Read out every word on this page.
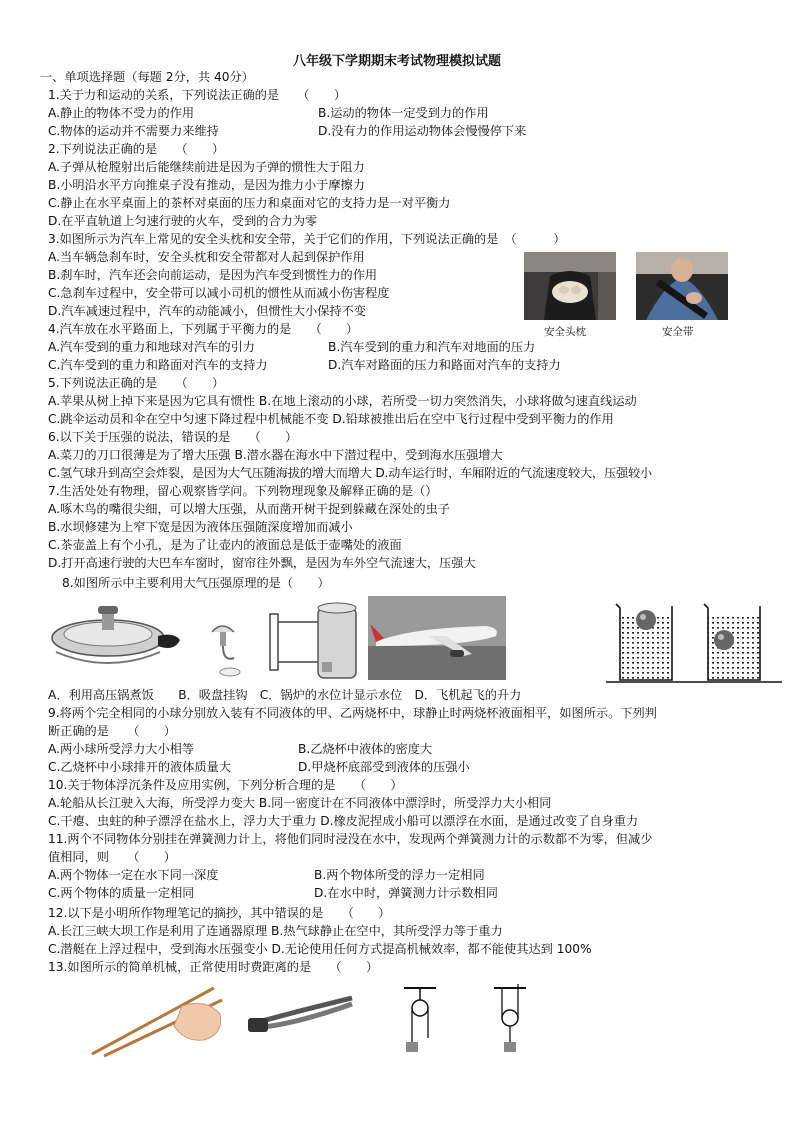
八年级下学期期末考试物理模拟试题
一、单项选择题（每题 2分，共 40分）
1.关于力和运动的关系，下列说法正确的是　　（　　）
A.静止的物体不受力的作用	B.运动的物体一定受到力的作用
C.物体的运动并不需要力来维持	D.没有力的作用运动物体会慢慢停下来
2.下列说法正确的是　　（　　）
A.子弹从枪膛射出后能继续前进是因为子弹的惯性大于阻力
B.小明沿水平方向推桌子没有推动，是因为推力小于摩擦力
C.静止在水平桌面上的茶杯对桌面的压力和桌面对它的支持力是一对平衡力
D.在平直轨道上匀速行驶的火车，受到的合力为零
3.如图所示为汽车上常见的安全头枕和安全带，关于它们的作用，下列说法正确的是　（　　　）
A.当车辆急刹车时，安全头枕和安全带都对人起到保护作用
B.刹车时，汽车还会向前运动，是因为汽车受到惯性力的作用
C.急刹车过程中，安全带可以减小司机的惯性从而减小伤害程度
D.汽车减速过程中，汽车的动能减小，但惯性大小保持不变
安全头枕	安全带
4.汽车放在水平路面上，下列属于平衡力的是　　（　　）
A.汽车受到的重力和地球对汽车的引力	B.汽车受到的重力和汽车对地面的压力
C.汽车受到的重力和路面对汽车的支持力	D.汽车对路面的压力和路面对汽车的支持力
5.下列说法正确的是　　（　　）
A.苹果从树上掉下来是因为它具有惯性 B.在地上滚动的小球，若所受一切力突然消失，小球将做匀速直线运动
C.跳伞运动员和伞在空中匀速下降过程中机械能不变 D.铅球被推出后在空中飞行过程中受到平衡力的作用
6.以下关于压强的说法，错误的是　　（　　）
A.菜刀的刀口很薄是为了增大压强 B.潜水器在海水中下潜过程中，受到海水压强增大
C.氢气球升到高空会炸裂，是因为大气压随海拔的增大而增大 D.动车运行时，车厢附近的气流速度较大，压强较小
7.生活处处有物理，留心观察皆学问。下列物理现象及解释正确的是（）
A.啄木鸟的嘴很尖细，可以增大压强，从而凿开树干捉到躲藏在深处的虫子
B.水坝修建为上窄下宽是因为液体压强随深度增加而减小
C.茶壶盖上有个小孔，是为了让壶内的液面总是低于壶嘴处的液面
D.打开高速行驶的大巴车车窗时，窗帘往外飘，是因为车外空气流速大，压强大
8.如图所示中主要利用大气压强原理的是（　　）
A．利用高压锅煮饭　　B．吸盘挂钩　C．锅炉的水位计显示水位　D．飞机起飞的升力
9.将两个完全相同的小球分别放入装有不同液体的甲、乙两烧杯中，球静止时两烧杯液面相平，如图所示。下列判
断正确的是　　（　　）
A.两小球所受浮力大小相等	B.乙烧杯中液体的密度大
C.乙烧杯中小球排开的液体质量大	D.甲烧杯底部受到液体的压强小
10.关于物体浮沉条件及应用实例，下列分析合理的是　　（　　）
A.轮船从长江驶入大海，所受浮力变大 B.同一密度计在不同液体中漂浮时，所受浮力大小相同
C.干瘪、虫蛀的种子漂浮在盐水上，浮力大于重力 D.橡皮泥捏成小船可以漂浮在水面，是通过改变了自身重力
11.两个不同物体分别挂在弹簧测力计上，将他们同时浸没在水中，发现两个弹簧测力计的示数都不为零，但减少
值相同，则　　（　　）
A.两个物体一定在水下同一深度	B.两个物体所受的浮力一定相同
C.两个物体的质量一定相同	D.在水中时，弹簧测力计示数相同
12.以下是小明所作物理笔记的摘抄，其中错误的是　　（　　）
A.长江三峡大坝工作是利用了连通器原理 B.热气球静止在空中，其所受浮力等于重力
C.潜艇在上浮过程中，受到海水压强变小 D.无论使用任何方式提高机械效率，都不能使其达到 100%
13.如图所示的简单机械，正常使用时费距离的是　　（　　）
